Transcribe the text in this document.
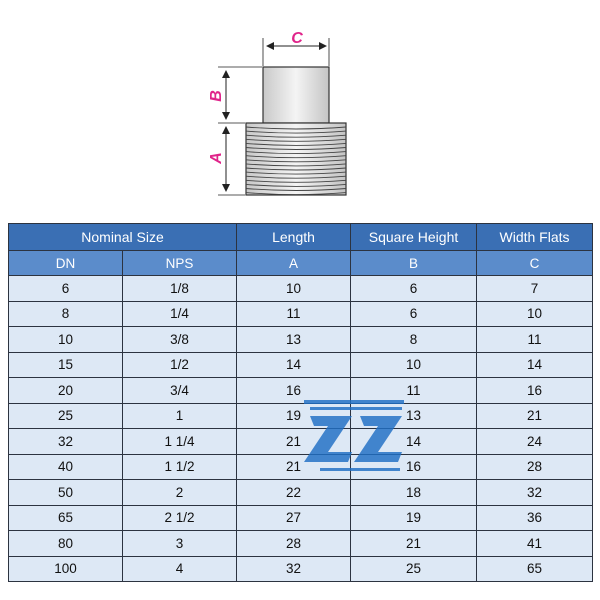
C
B
A
Nominal Size		Length	Square Height	Width Flats
DN	NPS	A	B	C
6	1/8	10	6	7
8	1/4	11	6	10
10	3/8	13	8	11
15	1/2	14	10	14
20	3/4	16	11	16
25	1	19	13	21
32	1 1/4	21	14	24
40	1 1/2	21	16	28
50	2	22	18	32
65	2 1/2	27	19	36
80	3	28	21	41
100	4	32	25	65
